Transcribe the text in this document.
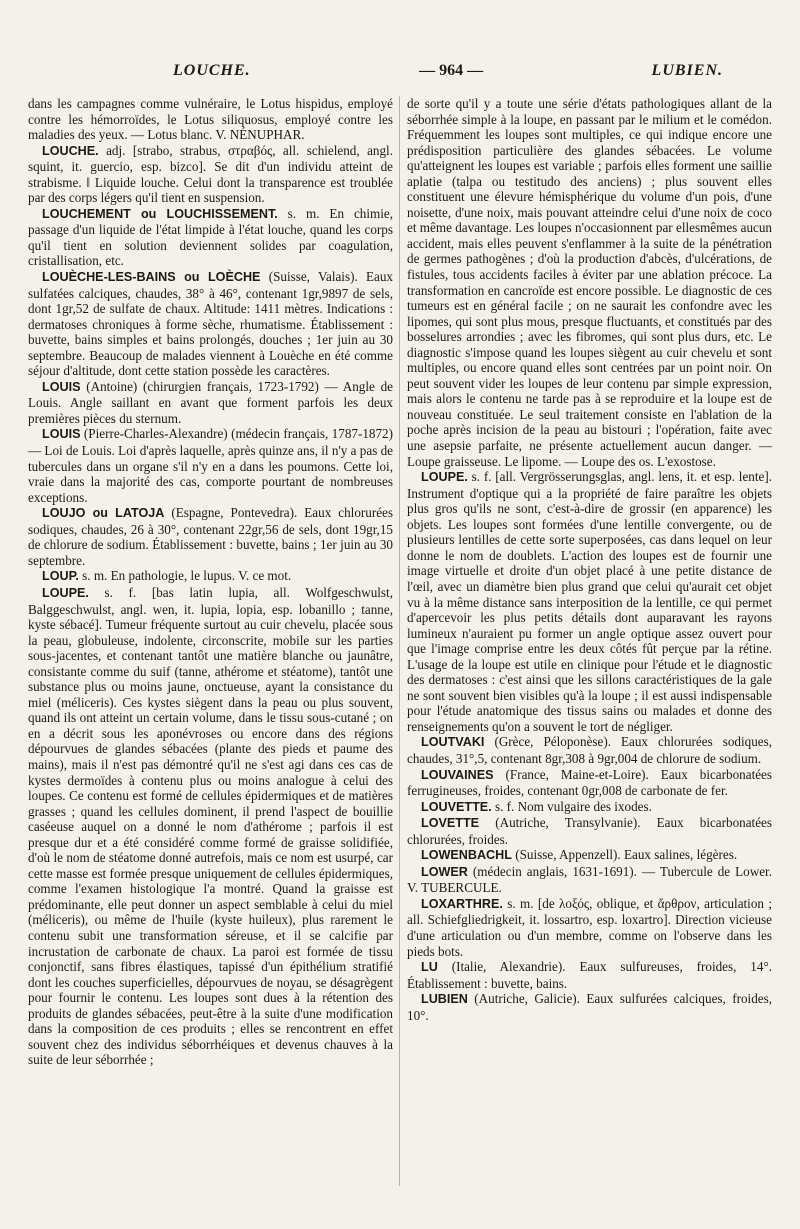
LOUCHE.	— 964 —	LUBIEN.

dans les campagnes comme vulnéraire, le Lotus hispidus, employé contre les hémorroïdes, le Lotus siliquosus, employé contre les maladies des yeux. — Lotus blanc. V. NÉNUPHAR.

LOUCHE. adj. [strabo, strabus, στραβός, all. schielend, angl. squint, it. guercio, esp. bizco]. Se dit d'un individu atteint de strabisme. ‖ Liquide louche. Celui dont la transparence est troublée par des corps légers qu'il tient en suspension.

LOUCHEMENT ou LOUCHISSEMENT. s. m. En chimie, passage d'un liquide de l'état limpide à l'état louche, quand les corps qu'il tient en solution deviennent solides par coagulation, cristallisation, etc.

LOUÈCHE-LES-BAINS ou LOÈCHE (Suisse, Valais). Eaux sulfatées calciques, chaudes, 38° à 46°, contenant 1gr,9897 de sels, dont 1gr,52 de sulfate de chaux. Altitude: 1411 mètres. Indications : dermatoses chroniques à forme sèche, rhumatisme. Établissement : buvette, bains simples et bains prolongés, douches ; 1er juin au 30 septembre. Beaucoup de malades viennent à Louèche en été comme séjour d'altitude, dont cette station possède les caractères.

LOUIS (Antoine) (chirurgien français, 1723-1792) — Angle de Louis. Angle saillant en avant que forment parfois les deux premières pièces du sternum.

LOUIS (Pierre-Charles-Alexandre) (médecin français, 1787-1872) — Loi de Louis. Loi d'après laquelle, après quinze ans, il n'y a pas de tubercules dans un organe s'il n'y en a dans les poumons. Cette loi, vraie dans la majorité des cas, comporte pourtant de nombreuses exceptions.

LOUJO ou LATOJA (Espagne, Pontevedra). Eaux chlorurées sodiques, chaudes, 26 à 30°, contenant 22gr,56 de sels, dont 19gr,15 de chlorure de sodium. Établissement : buvette, bains ; 1er juin au 30 septembre.

LOUP. s. m. En pathologie, le lupus. V. ce mot.

LOUPE. s. f. [bas latin lupia, all. Wolfgeschwulst, Balggeschwulst, angl. wen, it. lupia, lopia, esp. lobanillo ; tanne, kyste sébacé]. Tumeur fréquente surtout au cuir chevelu, placée sous la peau, globuleuse, indolente, circonscrite, mobile sur les parties sous-jacentes, et contenant tantôt une matière blanche ou jaunâtre, consistante comme du suif (tanne, athérome et stéatome), tantôt une substance plus ou moins jaune, onctueuse, ayant la consistance du miel (méliceris). Ces kystes siègent dans la peau ou plus souvent, quand ils ont atteint un certain volume, dans le tissu sous-cutané ; on en a décrit sous les aponévroses ou encore dans des régions dépourvues de glandes sébacées (plante des pieds et paume des mains), mais il n'est pas démontré qu'il ne s'est agi dans ces cas de kystes dermoïdes à contenu plus ou moins analogue à celui des loupes. Ce contenu est formé de cellules épidermiques et de matières grasses ; quand les cellules dominent, il prend l'aspect de bouillie caséeuse auquel on a donné le nom d'athérome ; parfois il est presque dur et a été considéré comme formé de graisse solidifiée, d'où le nom de stéatome donné autrefois, mais ce nom est usurpé, car cette masse est formée presque uniquement de cellules épidermiques, comme l'examen histologique l'a montré. Quand la graisse est prédominante, elle peut donner un aspect semblable à celui du miel (méliceris), ou même de l'huile (kyste huileux), plus rarement le contenu subit une transformation séreuse, et il se calcifie par incrustation de carbonate de chaux. La paroi est formée de tissu conjonctif, sans fibres élastiques, tapissé d'un épithélium stratifié dont les couches superficielles, dépourvues de noyau, se désagrègent pour fournir le contenu. Les loupes sont dues à la rétention des produits de glandes sébacées, peut-être à la suite d'une modification dans la composition de ces produits ; elles se rencontrent en effet souvent chez des individus séborrhéiques et devenus chauves à la suite de leur séborrhée ;

de sorte qu'il y a toute une série d'états pathologiques allant de la séborrhée simple à la loupe, en passant par le milium et le comédon. Fréquemment les loupes sont multiples, ce qui indique encore une prédisposition particulière des glandes sébacées. Le volume qu'atteignent les loupes est variable ; parfois elles forment une saillie aplatie (talpa ou testitudo des anciens) ; plus souvent elles constituent une élevure hémisphérique du volume d'un pois, d'une noisette, d'une noix, mais pouvant atteindre celui d'une noix de coco et même davantage. Les loupes n'occasionnent par ellesmêmes aucun accident, mais elles peuvent s'enflammer à la suite de la pénétration de germes pathogènes ; d'où la production d'abcès, d'ulcérations, de fistules, tous accidents faciles à éviter par une ablation précoce. La transformation en cancroïde est encore possible. Le diagnostic de ces tumeurs est en général facile ; on ne saurait les confondre avec les lipomes, qui sont plus mous, presque fluctuants, et constitués par des bosselures arrondies ; avec les fibromes, qui sont plus durs, etc. Le diagnostic s'impose quand les loupes siègent au cuir chevelu et sont multiples, ou encore quand elles sont centrées par un point noir. On peut souvent vider les loupes de leur contenu par simple expression, mais alors le contenu ne tarde pas à se reproduire et la loupe est de nouveau constituée. Le seul traitement consiste en l'ablation de la poche après incision de la peau au bistouri ; l'opération, faite avec une asepsie parfaite, ne présente actuellement aucun danger. — Loupe graisseuse. Le lipome. — Loupe des os. L'exostose.

LOUPE. s. f. [all. Vergrösserungsglas, angl. lens, it. et esp. lente]. Instrument d'optique qui a la propriété de faire paraître les objets plus gros qu'ils ne sont, c'est-à-dire de grossir (en apparence) les objets. Les loupes sont formées d'une lentille convergente, ou de plusieurs lentilles de cette sorte superposées, cas dans lequel on leur donne le nom de doublets. L'action des loupes est de fournir une image virtuelle et droite d'un objet placé à une petite distance de l'œil, avec un diamètre bien plus grand que celui qu'aurait cet objet vu à la même distance sans interposition de la lentille, ce qui permet d'apercevoir les plus petits détails dont auparavant les rayons lumineux n'auraient pu former un angle optique assez ouvert pour que l'image comprise entre les deux côtés fût perçue par la rétine. L'usage de la loupe est utile en clinique pour l'étude et le diagnostic des dermatoses : c'est ainsi que les sillons caractéristiques de la gale ne sont souvent bien visibles qu'à la loupe ; il est aussi indispensable pour l'étude anatomique des tissus sains ou malades et donne des renseignements qu'on a souvent le tort de négliger.

LOUTVAKI (Grèce, Péloponèse). Eaux chlorurées sodiques, chaudes, 31°,5, contenant 8gr,308 à 9gr,004 de chlorure de sodium.

LOUVAINES (France, Maine-et-Loire). Eaux bicarbonatées ferrugineuses, froides, contenant 0gr,008 de carbonate de fer.

LOUVETTE. s. f. Nom vulgaire des ixodes.

LOVETTE (Autriche, Transylvanie). Eaux bicarbonatées chlorurées, froides.

LOWENBACHL (Suisse, Appenzell). Eaux salines, légères.

LOWER (médecin anglais, 1631-1691). — Tubercule de Lower. V. TUBERCULE.

LOXARTHRE. s. m. [de λοξός, oblique, et ἄρθρον, articulation ; all. Schiefgliedrigkeit, it. lossartro, esp. loxartro]. Direction vicieuse d'une articulation ou d'un membre, comme on l'observe dans les pieds bots.

LU (Italie, Alexandrie). Eaux sulfureuses, froides, 14°. Établissement : buvette, bains.

LUBIEN (Autriche, Galicie). Eaux sulfurées calciques, froides, 10°.
